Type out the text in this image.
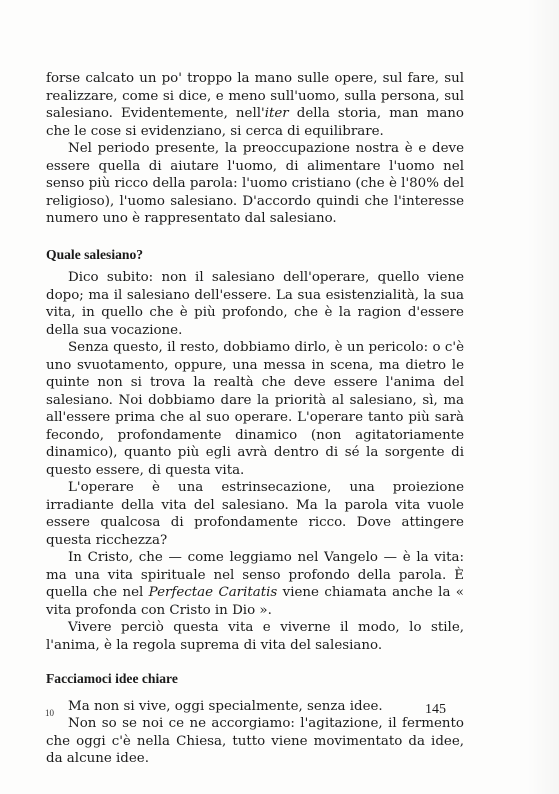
forse calcato un po' troppo la mano sulle opere, sul fare, sul realizzare, come si dice, e meno sull'uomo, sulla persona, sul salesiano. Evidentemente, nell'iter della storia, man mano che le cose si evidenziano, si cerca di equilibrare.

Nel periodo presente, la preoccupazione nostra è e deve essere quella di aiutare l'uomo, di alimentare l'uomo nel senso più ricco della parola: l'uomo cristiano (che è l'80% del religioso), l'uomo salesiano. D'accordo quindi che l'interesse numero uno è rappresentato dal salesiano.

Quale salesiano?

Dico subito: non il salesiano dell'operare, quello viene dopo; ma il salesiano dell'essere. La sua esistenzialità, la sua vita, in quello che è più profondo, che è la ragion d'essere della sua vocazione.

Senza questo, il resto, dobbiamo dirlo, è un pericolo: o c'è uno svuotamento, oppure, una messa in scena, ma dietro le quinte non si trova la realtà che deve essere l'anima del salesiano. Noi dobbiamo dare la priorità al salesiano, sì, ma all'essere prima che al suo operare. L'operare tanto più sarà fecondo, profondamente dinamico (non agitatoriamente dinamico), quanto più egli avrà dentro di sé la sorgente di questo essere, di questa vita.

L'operare è una estrinsecazione, una proiezione irradiante della vita del salesiano. Ma la parola vita vuole essere qualcosa di profondamente ricco. Dove attingere questa ricchezza?

In Cristo, che — come leggiamo nel Vangelo — è la vita: ma una vita spirituale nel senso profondo della parola. È quella che nel Perfectae Caritatis viene chiamata anche la « vita profonda con Cristo in Dio ».

Vivere perciò questa vita e viverne il modo, lo stile, l'anima, è la regola suprema di vita del salesiano.

Facciamoci idee chiare

Ma non si vive, oggi specialmente, senza idee.

Non so se noi ce ne accorgiamo: l'agitazione, il fermento che oggi c'è nella Chiesa, tutto viene movimentato da idee, da alcune idee.

10	145
